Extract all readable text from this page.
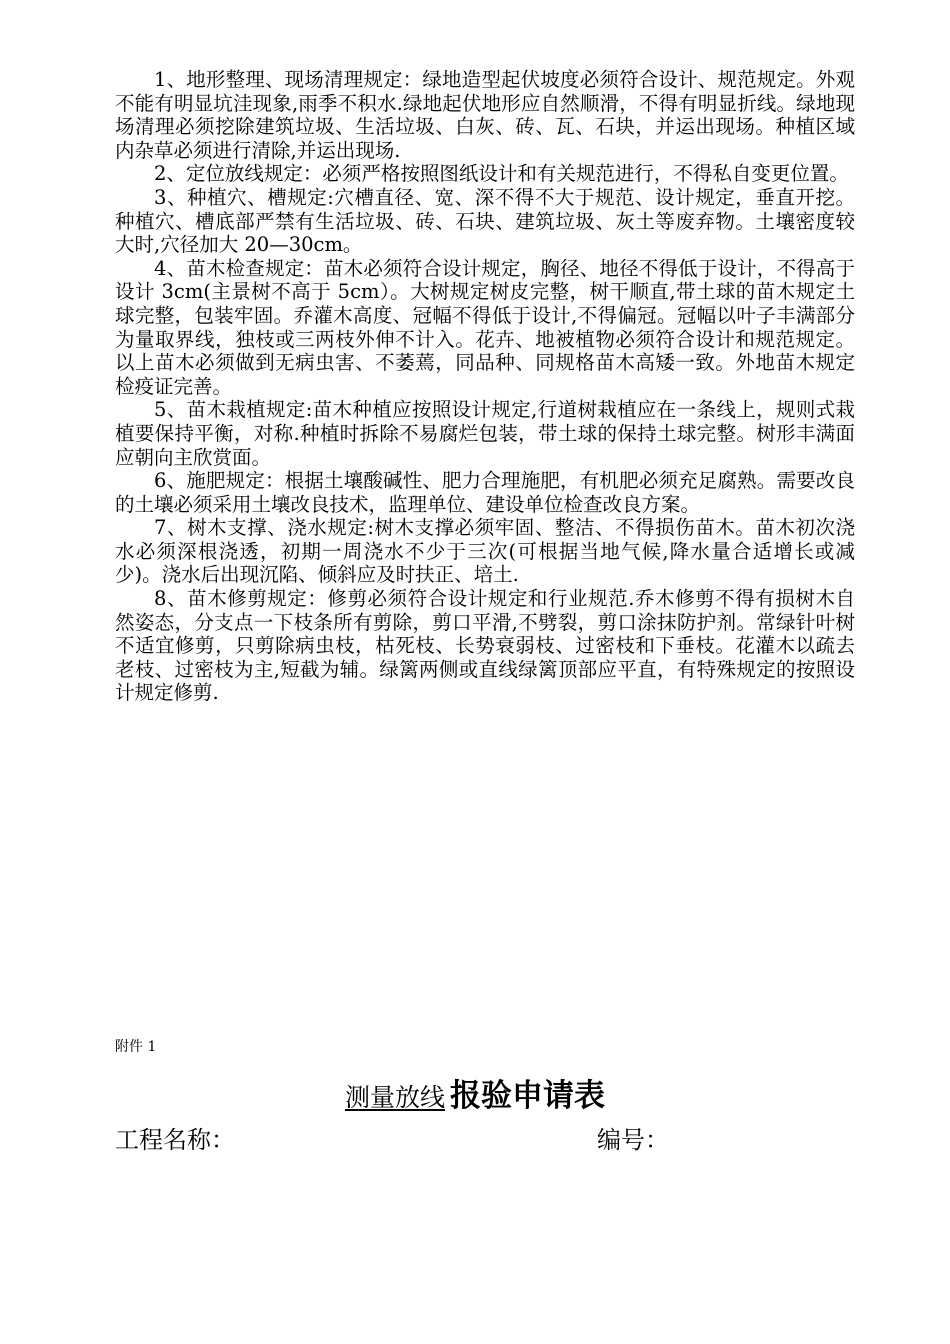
1、地形整理、现场清理规定：绿地造型起伏坡度必须符合设计、规范规定。外观不能有明显坑洼现象,雨季不积水.绿地起伏地形应自然顺滑，不得有明显折线。绿地现场清理必须挖除建筑垃圾、生活垃圾、白灰、砖、瓦、石块，并运出现场。种植区域内杂草必须进行清除,并运出现场.

2、定位放线规定：必须严格按照图纸设计和有关规范进行，不得私自变更位置。

3、种植穴、槽规定:穴槽直径、宽、深不得不大于规范、设计规定，垂直开挖。种植穴、槽底部严禁有生活垃圾、砖、石块、建筑垃圾、灰土等废弃物。土壤密度较大时,穴径加大 20—30cm。

4、苗木检查规定：苗木必须符合设计规定，胸径、地径不得低于设计，不得高于设计 3cm(主景树不高于 5cm）。大树规定树皮完整，树干顺直,带土球的苗木规定土球完整，包装牢固。乔灌木高度、冠幅不得低于设计,不得偏冠。冠幅以叶子丰满部分为量取界线，独枝或三两枝外伸不计入。花卉、地被植物必须符合设计和规范规定。以上苗木必须做到无病虫害、不萎蔫，同品种、同规格苗木高矮一致。外地苗木规定检疫证完善。

5、苗木栽植规定:苗木种植应按照设计规定,行道树栽植应在一条线上，规则式栽植要保持平衡，对称.种植时拆除不易腐烂包装，带土球的保持土球完整。树形丰满面应朝向主欣赏面。

6、施肥规定：根据土壤酸碱性、肥力合理施肥，有机肥必须充足腐熟。需要改良的土壤必须采用土壤改良技术，监理单位、建设单位检查改良方案。

7、树木支撑、浇水规定:树木支撑必须牢固、整洁、不得损伤苗木。苗木初次浇水必须深根浇透，初期一周浇水不少于三次(可根据当地气候,降水量合适增长或减少)。浇水后出现沉陷、倾斜应及时扶正、培土.

8、苗木修剪规定：修剪必须符合设计规定和行业规范.乔木修剪不得有损树木自然姿态，分支点一下枝条所有剪除，剪口平滑,不劈裂，剪口涂抹防护剂。常绿针叶树不适宜修剪，只剪除病虫枝，枯死枝、长势衰弱枝、过密枝和下垂枝。花灌木以疏去老枝、过密枝为主,短截为辅。绿篱两侧或直线绿篱顶部应平直，有特殊规定的按照设计规定修剪.

附件 1
测量放线 报验申请表
工程名称：	编号：
